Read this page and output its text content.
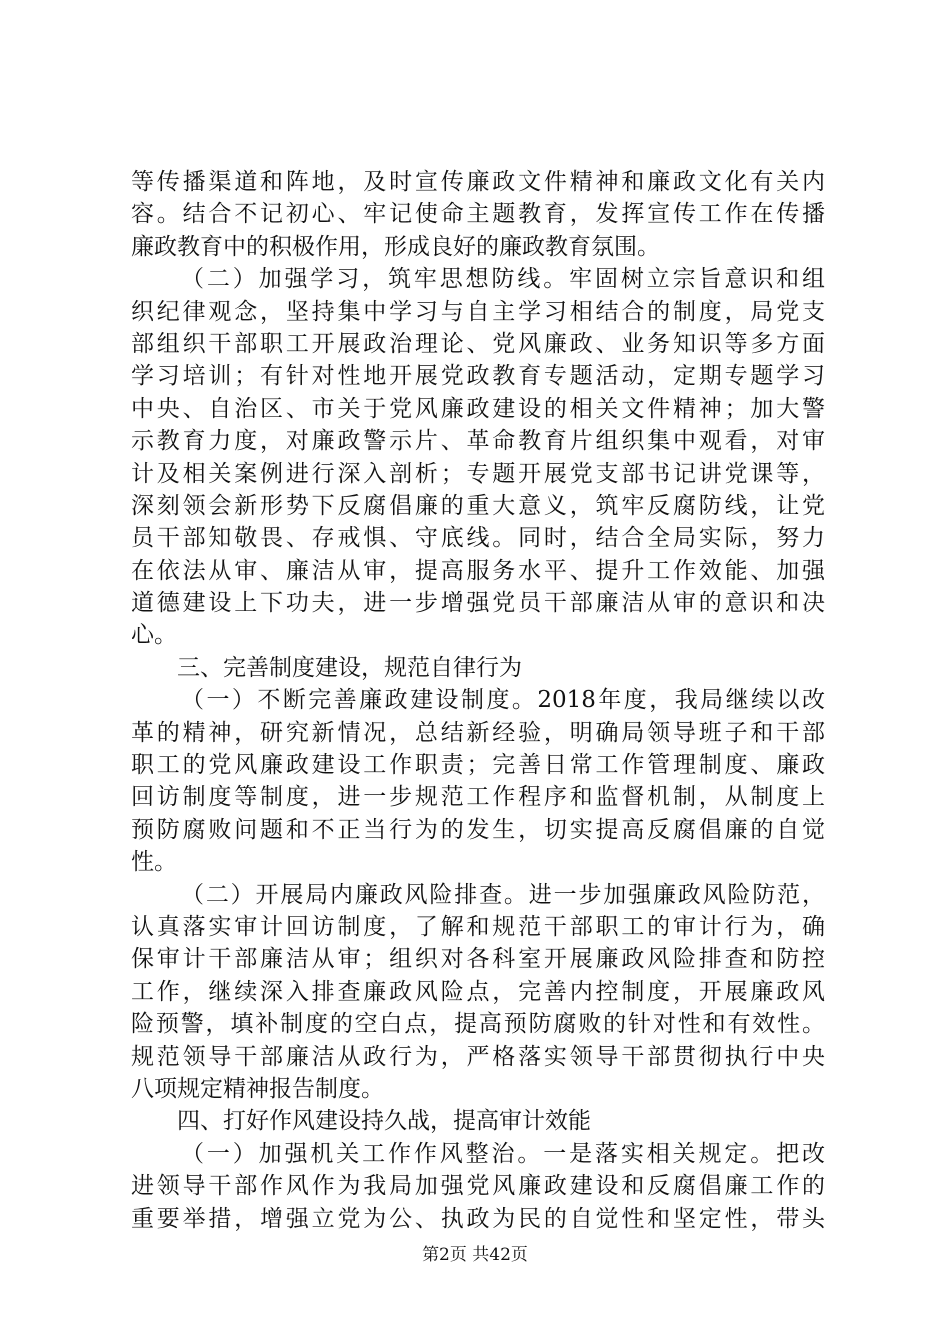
等传播渠道和阵地，及时宣传廉政文件精神和廉政文化有关内
容。结合不记初心、牢记使命主题教育，发挥宣传工作在传播
廉政教育中的积极作用，形成良好的廉政教育氛围。
（二）加强学习，筑牢思想防线。牢固树立宗旨意识和组
织纪律观念，坚持集中学习与自主学习相结合的制度，局党支
部组织干部职工开展政治理论、党风廉政、业务知识等多方面
学习培训；有针对性地开展党政教育专题活动，定期专题学习
中央、自治区、市关于党风廉政建设的相关文件精神；加大警
示教育力度，对廉政警示片、革命教育片组织集中观看，对审
计及相关案例进行深入剖析；专题开展党支部书记讲党课等，
深刻领会新形势下反腐倡廉的重大意义，筑牢反腐防线，让党
员干部知敬畏、存戒惧、守底线。同时，结合全局实际，努力
在依法从审、廉洁从审，提高服务水平、提升工作效能、加强
道德建设上下功夫，进一步增强党员干部廉洁从审的意识和决
心。
三、完善制度建设，规范自律行为
（一）不断完善廉政建设制度。2018年度，我局继续以改
革的精神，研究新情况，总结新经验，明确局领导班子和干部
职工的党风廉政建设工作职责；完善日常工作管理制度、廉政
回访制度等制度，进一步规范工作程序和监督机制，从制度上
预防腐败问题和不正当行为的发生，切实提高反腐倡廉的自觉
性。
（二）开展局内廉政风险排查。进一步加强廉政风险防范，
认真落实审计回访制度，了解和规范干部职工的审计行为，确
保审计干部廉洁从审；组织对各科室开展廉政风险排查和防控
工作，继续深入排查廉政风险点，完善内控制度，开展廉政风
险预警，填补制度的空白点，提高预防腐败的针对性和有效性。
规范领导干部廉洁从政行为，严格落实领导干部贯彻执行中央
八项规定精神报告制度。
四、打好作风建设持久战，提高审计效能
（一）加强机关工作作风整治。一是落实相关规定。把改
进领导干部作风作为我局加强党风廉政建设和反腐倡廉工作的
重要举措，增强立党为公、执政为民的自觉性和坚定性，带头
第2页 共42页
